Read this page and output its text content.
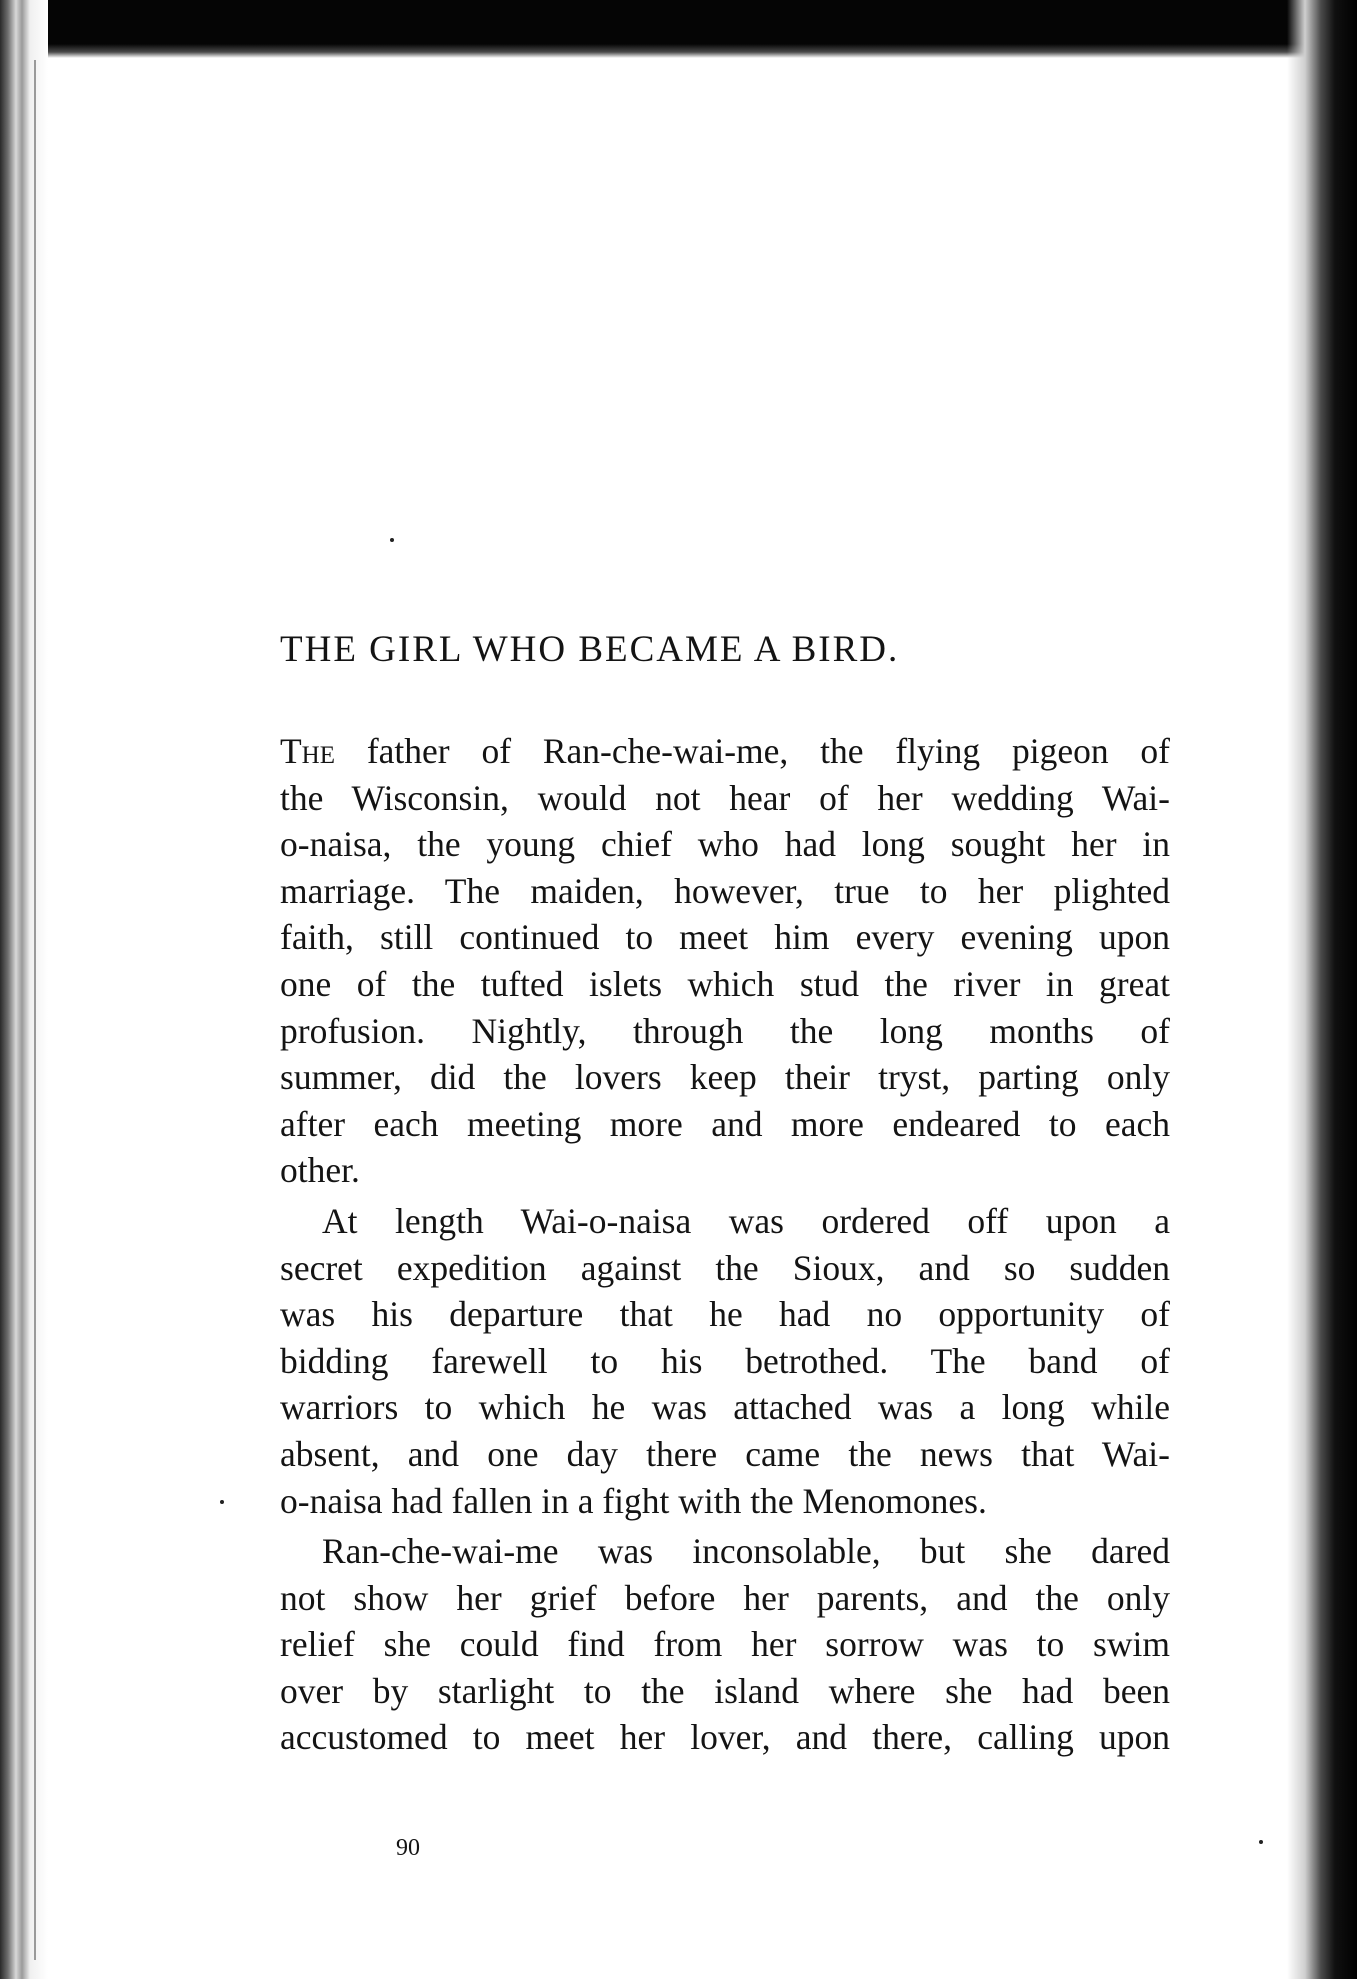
THE GIRL WHO BECAME A BIRD.
The father of Ran-che-wai-me, the flying pigeon of
the Wisconsin, would not hear of her wedding Wai-
o-naisa, the young chief who had long sought her in
marriage. The maiden, however, true to her plighted
faith, still continued to meet him every evening upon
one of the tufted islets which stud the river in great
profusion. Nightly, through the long months of
summer, did the lovers keep their tryst, parting only
after each meeting more and more endeared to each
other.
At length Wai-o-naisa was ordered off upon a
secret expedition against the Sioux, and so sudden
was his departure that he had no opportunity of
bidding farewell to his betrothed. The band of
warriors to which he was attached was a long while
absent, and one day there came the news that Wai-
o-naisa had fallen in a fight with the Menomones.
Ran-che-wai-me was inconsolable, but she dared
not show her grief before her parents, and the only
relief she could find from her sorrow was to swim
over by starlight to the island where she had been
accustomed to meet her lover, and there, calling upon
90
